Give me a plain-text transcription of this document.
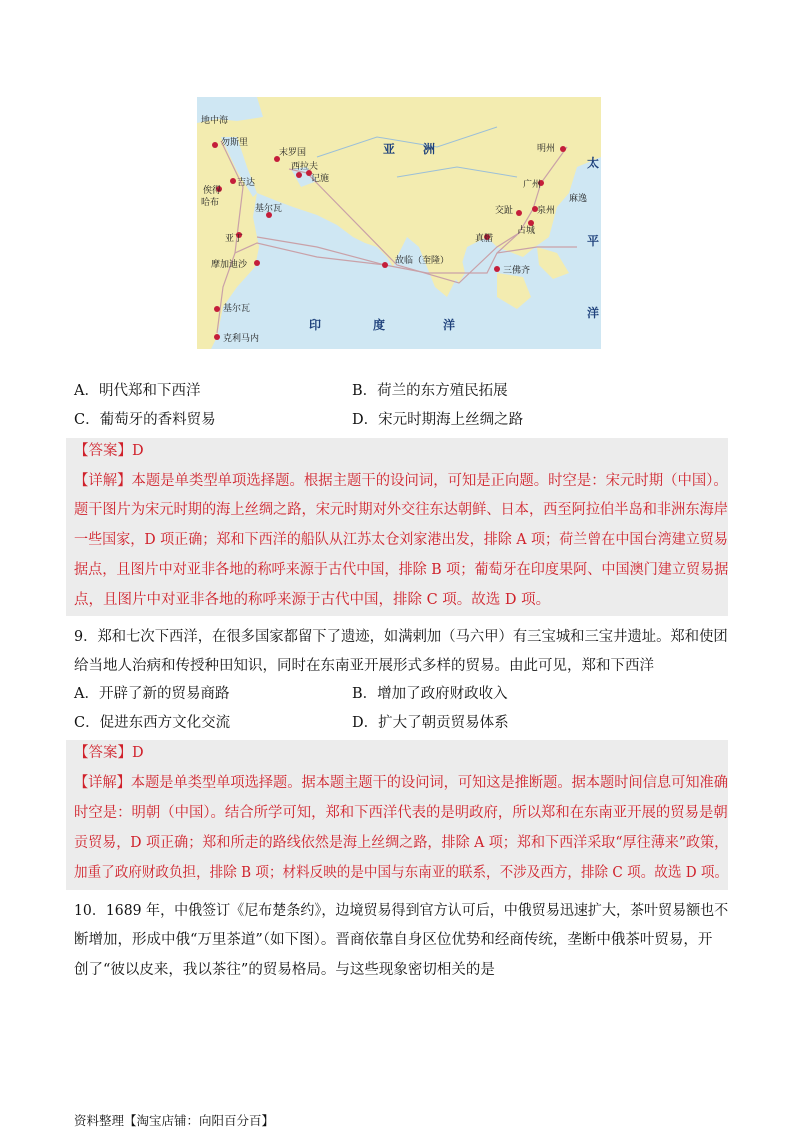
地中海
勿斯里
吉达
俟得
哈布
末罗国
西拉夫
记施
基尔瓦
亚丁
摩加迪沙
基尔瓦
克利马内
亚 洲	明州
广州
泉州
交趾
占城
真腊
故临（奎隆）
三佛齐
麻逸
印	度	洋
太
平
洋
A．明代郑和下西洋	B．荷兰的东方殖民拓展
C．葡萄牙的香料贸易	D．宋元时期海上丝绸之路
【答案】D
【详解】本题是单类型单项选择题。根据主题干的设问词，可知是正向题。时空是：宋元时期（中国）。
题干图片为宋元时期的海上丝绸之路，宋元时期对外交往东达朝鲜、日本，西至阿拉伯半岛和非洲东海岸
一些国家，D 项正确；郑和下西洋的船队从江苏太仓刘家港出发，排除 A 项；荷兰曾在中国台湾建立贸易
据点，且图片中对亚非各地的称呼来源于古代中国，排除 B 项；葡萄牙在印度果阿、中国澳门建立贸易据
点，且图片中对亚非各地的称呼来源于古代中国，排除 C 项。故选 D 项。
9．郑和七次下西洋，在很多国家都留下了遗迹，如满剌加（马六甲）有三宝城和三宝井遗址。郑和使团
给当地人治病和传授种田知识，同时在东南亚开展形式多样的贸易。由此可见，郑和下西洋
A．开辟了新的贸易商路	B．增加了政府财政收入
C．促进东西方文化交流	D．扩大了朝贡贸易体系
【答案】D
【详解】本题是单类型单项选择题。据本题主题干的设问词，可知这是推断题。据本题时间信息可知准确
时空是：明朝（中国）。结合所学可知，郑和下西洋代表的是明政府，所以郑和在东南亚开展的贸易是朝
贡贸易，D 项正确；郑和所走的路线依然是海上丝绸之路，排除 A 项；郑和下西洋采取“厚往薄来”政策，
加重了政府财政负担，排除 B 项；材料反映的是中国与东南亚的联系，不涉及西方，排除 C 项。故选 D 项。
10．1689 年，中俄签订《尼布楚条约》，边境贸易得到官方认可后，中俄贸易迅速扩大，茶叶贸易额也不
断增加，形成中俄“万里茶道”（如下图）。晋商依靠自身区位优势和经商传统，垄断中俄茶叶贸易，开
创了“彼以皮来，我以茶往”的贸易格局。与这些现象密切相关的是
资料整理【淘宝店铺：向阳百分百】
